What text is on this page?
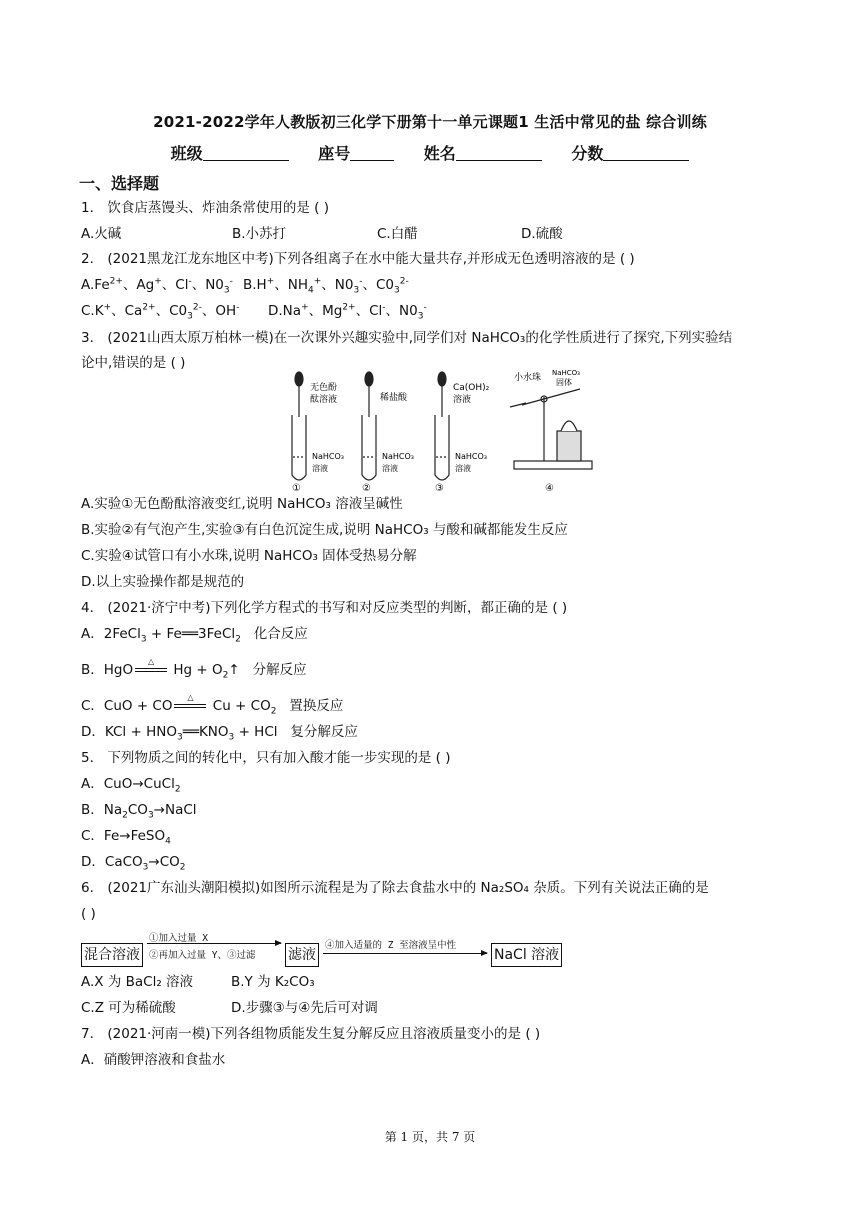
2021-2022学年人教版初三化学下册第十一单元课题1 生活中常见的盐 综合训练
班级	座号	姓名	分数
一、选择题
1． 饮食店蒸馒头、炸油条常使用的是 ( )
A.火碱	B.小苏打	C.白醋	D.硫酸
2． (2021黑龙江龙东地区中考)下列各组离子在水中能大量共存,并形成无色透明溶液的是 ( )
$A.Fe^{2+}$、Ag+、Cl-、$N0_3^-$ B.H+、$NH_4^+$、$N0_3^-$、$C0_3^{2-}$
C.K+、$Ca^{2+}$、$C0_3^{2-}$、OH- D.Na+、$Mg^{2+}$、Cl-、$N0_3^-$
3． (2021山西太原万柏林一模)在一次课外兴趣实验中,同学们对 NaHCO₃的化学性质进行了探究,下列实验结
论中,错误的是 ( )
无色酚
酞溶液
NaHCO₃
溶液
①
稀盐酸
NaHCO₃
溶液
②
Ca(OH)₂
溶液
NaHCO₃
溶液
③
小水珠 NaHCO₃
固体
④
A.实验①无色酚酞溶液变红,说明 NaHCO₃ 溶液呈碱性
B.实验②有气泡产生,实验③有白色沉淀生成,说明 NaHCO₃ 与酸和碱都能发生反应
C.实验④试管口有小水珠,说明 NaHCO₃ 固体受热易分解
D.以上实验操作都是规范的
4． (2021·济宁中考)下列化学方程式的书写和对反应类型的判断，都正确的是 ( )
A．2FeCl$_3$ + Fe══3FeCl$_2$ 化合反应
B．HgO
△
$Hg + O_2↑$   分解反应
C．CuO + CO
△
$Cu + CO_2$ 置换反应
D．KCl + $HNO_3══KNO_3$ + HCl   复分解反应
5． 下列物质之间的转化中，只有加入酸才能一步实现的是 ( )
A．CuO→CuCl$_2$
B．$Na_2CO_3\to NaCl$
C．Fe→FeSO$_4$
D．$CaCO_3\to CO_2$
6． (2021广东汕头潮阳模拟)如图所示流程是为了除去食盐水中的 Na₂SO₄ 杂质。下列有关说法正确的是
( )
混合溶液
①加入过量 X
②再加入过量 Y、③过滤 滤液
④加入适量的 Z 至溶液呈中性
NaCl 溶液
A.X 为 BaCl₂ 溶液	B.Y 为 K₂CO₃
C.Z 可为稀硫酸	D.步骤③与④先后可对调
7． (2021·河南一模)下列各组物质能发生复分解反应且溶液质量变小的是 ( )
A．硝酸钾溶液和食盐水
第 1 页，共 7 页
